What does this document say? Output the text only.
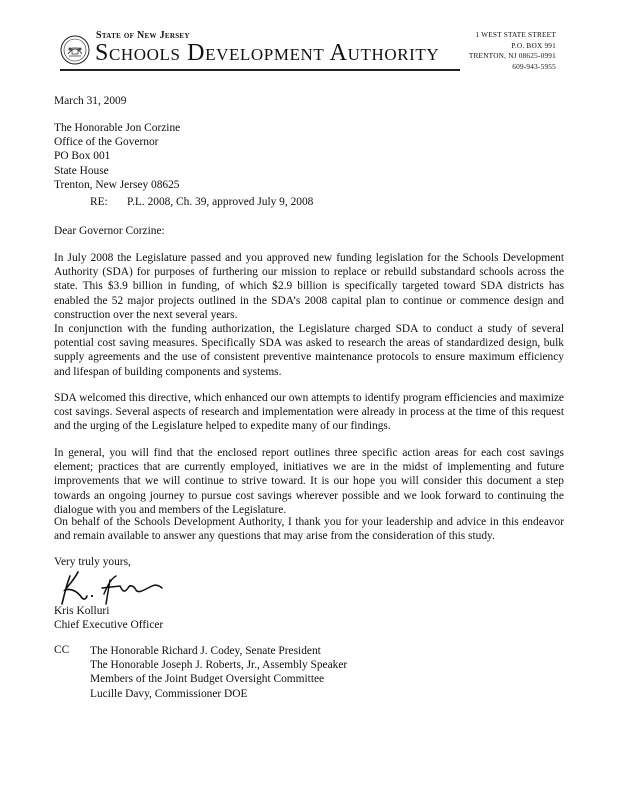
State of New Jersey
Schools Development Authority
1 WEST STATE STREET
P.O. BOX 991
TRENTON, NJ 08625-0991
609-943-5955
March 31, 2009
The Honorable Jon Corzine
Office of the Governor
PO Box 001
State House
Trenton, New Jersey 08625
RE: P.L. 2008, Ch. 39, approved July 9, 2008
Dear Governor Corzine:

In July 2008 the Legislature passed and you approved new funding legislation for the Schools Development Authority (SDA) for purposes of furthering our mission to replace or rebuild substandard schools across the state. This $3.9 billion in funding, of which $2.9 billion is specifically targeted toward SDA districts has enabled the 52 major projects outlined in the SDA’s 2008 capital plan to continue or commence design and construction over the next several years.

In conjunction with the funding authorization, the Legislature charged SDA to conduct a study of several potential cost saving measures. Specifically SDA was asked to research the areas of standardized design, bulk supply agreements and the use of consistent preventive maintenance protocols to ensure maximum efficiency and lifespan of building components and systems.

SDA welcomed this directive, which enhanced our own attempts to identify program efficiencies and maximize cost savings. Several aspects of research and implementation were already in process at the time of this request and the urging of the Legislature helped to expedite many of our findings.

In general, you will find that the enclosed report outlines three specific action areas for each cost savings element; practices that are currently employed, initiatives we are in the midst of implementing and future improvements that we will continue to strive toward. It is our hope you will consider this document a step towards an ongoing journey to pursue cost savings wherever possible and we look forward to continuing the dialogue with you and members of the Legislature.

On behalf of the Schools Development Authority, I thank you for your leadership and advice in this endeavor and remain available to answer any questions that may arise from the consideration of this study.

Very truly yours,
Kris Kolluri
Chief Executive Officer
CC The Honorable Richard J. Codey, Senate President
The Honorable Joseph J. Roberts, Jr., Assembly Speaker
Members of the Joint Budget Oversight Committee
Lucille Davy, Commissioner DOE
